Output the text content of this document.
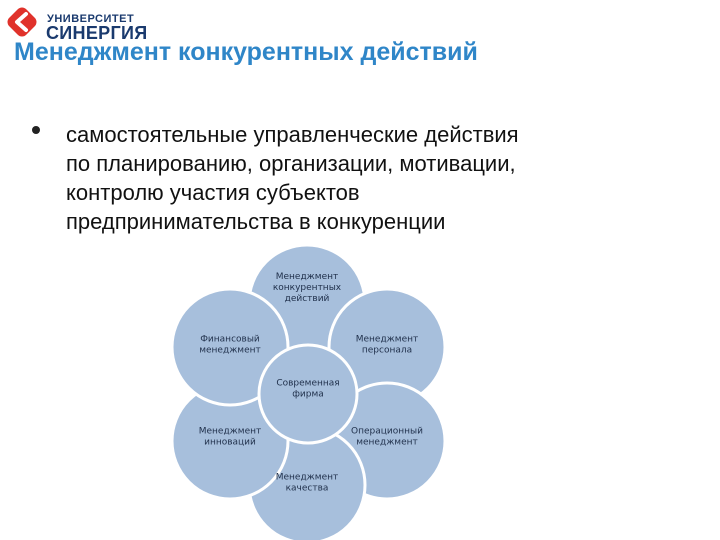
УНИВЕРСИТЕТ
СИНЕРГИЯ
Менеджмент конкурентных действий
самостоятельные управленческие действия
по планированию, организации, мотивации,
контролю участия субъектов
предпринимательства в конкуренции
Менеджмент конкурентных действий
Менеджмент персонала
Операционный менеджмент
Менеджмент качества
Менеджмент инноваций
Финансовый менеджмент
Современная фирма
